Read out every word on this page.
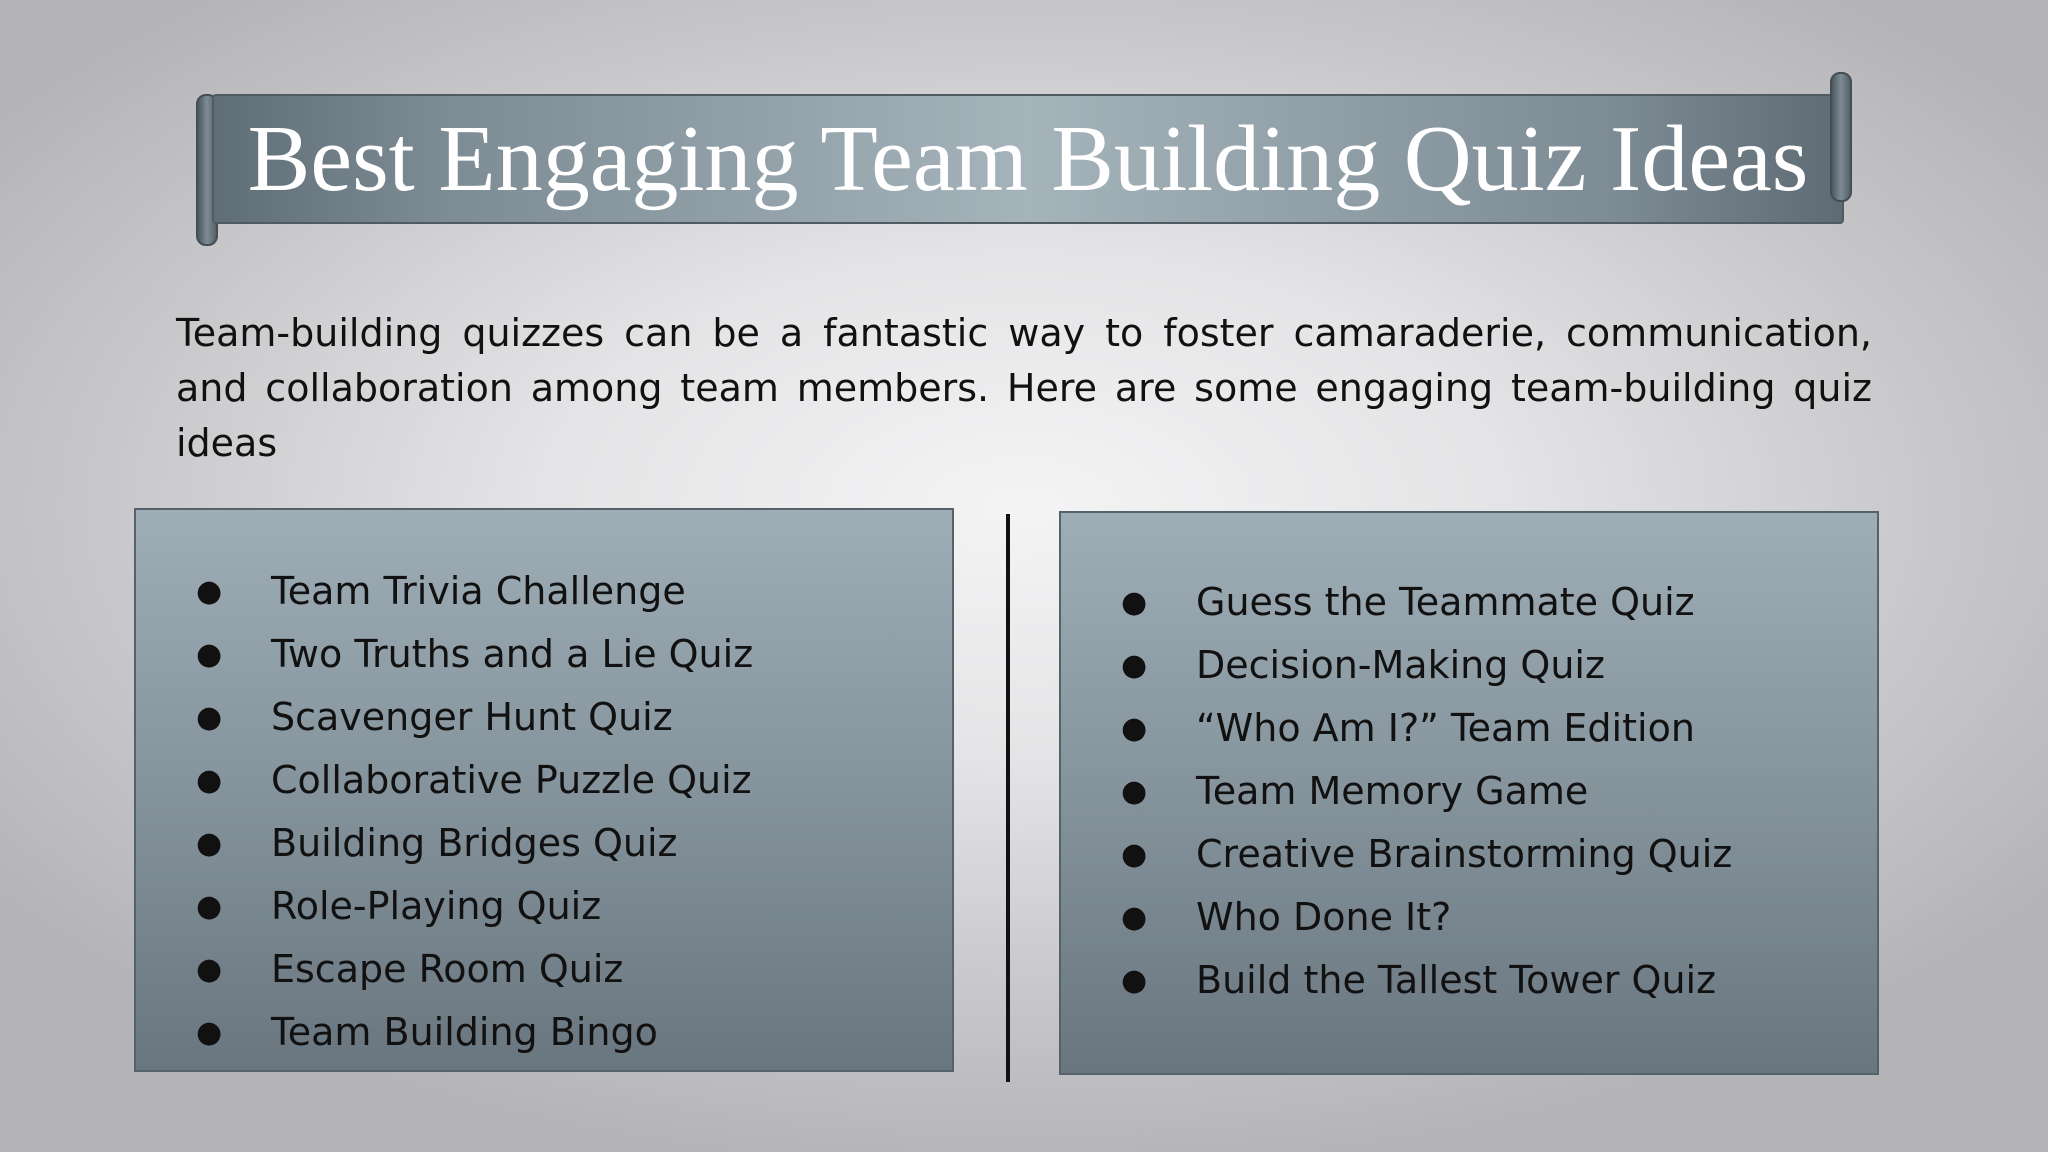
Best Engaging Team Building Quiz Ideas

Team-building quizzes can be a fantastic way to foster camaraderie, communication, and collaboration among team members. Here are some engaging team-building quiz ideas

● Team Trivia Challenge
● Two Truths and a Lie Quiz
● Scavenger Hunt Quiz
● Collaborative Puzzle Quiz
● Building Bridges Quiz
● Role-Playing Quiz
● Escape Room Quiz
● Team Building Bingo
● Guess the Teammate Quiz
● Decision-Making Quiz
● “Who Am I?” Team Edition
● Team Memory Game
● Creative Brainstorming Quiz
● Who Done It?
● Build the Tallest Tower Quiz
